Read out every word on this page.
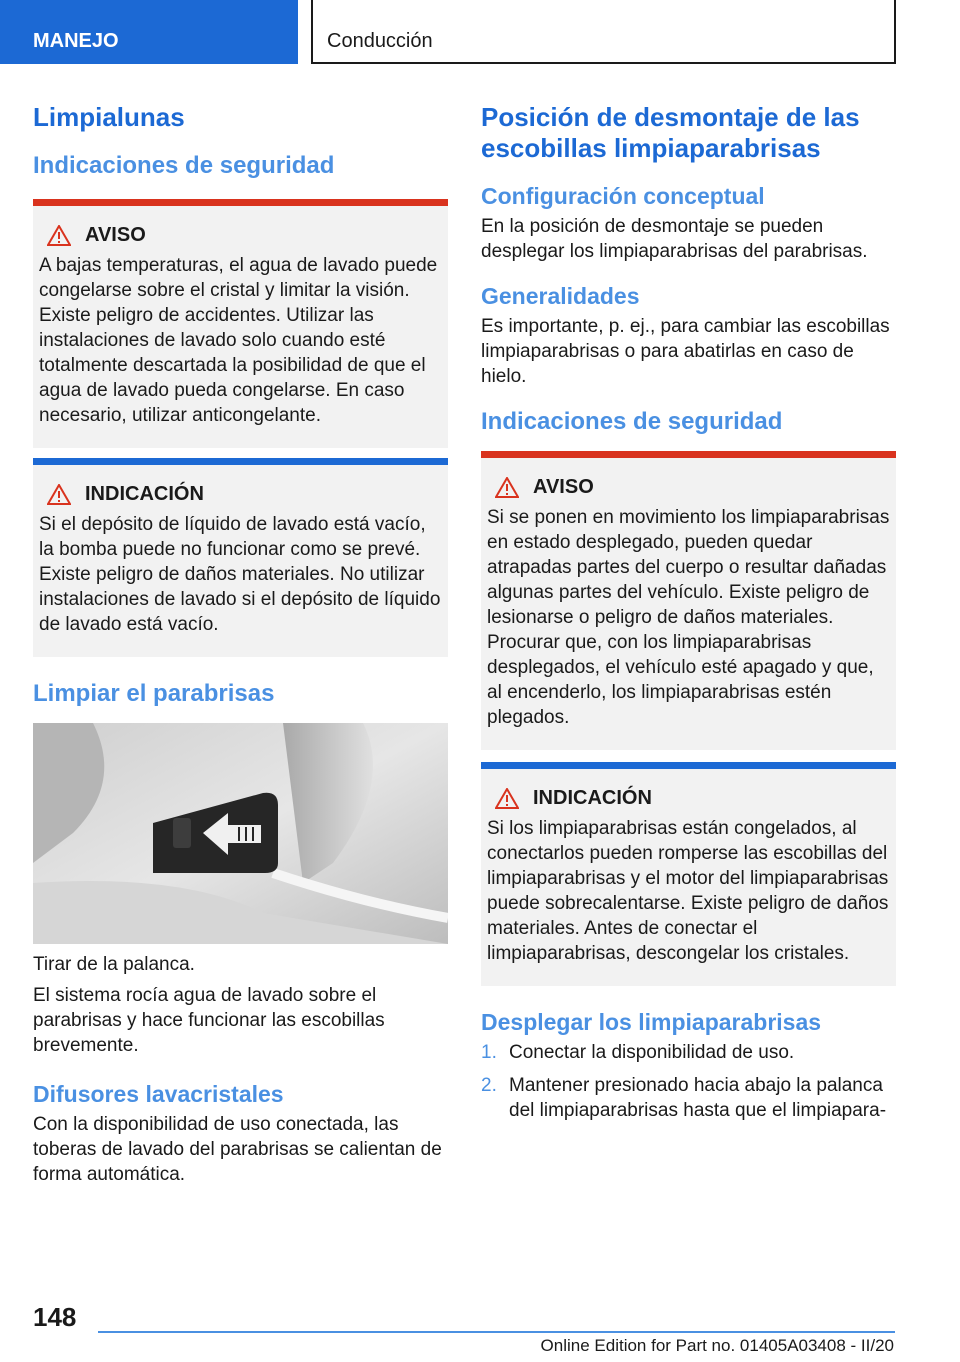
MANEJO	Conducción
Limpialunas
Indicaciones de seguridad
AVISO

A bajas temperaturas, el agua de lavado puede congelarse sobre el cristal y limitar la visión. Existe peligro de accidentes. Utilizar las instalaciones de lavado solo cuando esté totalmente descartada la posibilidad de que el agua de lavado pueda congelarse. En caso necesario, utilizar anticongelante.

INDICACIÓN

Si el depósito de líquido de lavado está vacío, la bomba puede no funcionar como se prevé. Existe peligro de daños materiales. No utilizar instalaciones de lavado si el depósito de líquido de lavado está vacío.

Limpiar el parabrisas

Tirar de la palanca.

El sistema rocía agua de lavado sobre el parabrisas y hace funcionar las escobillas brevemente.

Difusores lavacristales

Con la disponibilidad de uso conectada, las toberas de lavado del parabrisas se calientan de forma automática.

Posición de desmontaje de las escobillas limpiaparabrisas
Configuración conceptual

En la posición de desmontaje se pueden desplegar los limpiaparabrisas del parabrisas.

Generalidades

Es importante, p. ej., para cambiar las escobillas limpiaparabrisas o para abatirlas en caso de hielo.

Indicaciones de seguridad
AVISO

Si se ponen en movimiento los limpiaparabrisas en estado desplegado, pueden quedar atrapadas partes del cuerpo o resultar dañadas algunas partes del vehículo. Existe peligro de lesionarse o peligro de daños materiales. Procurar que, con los limpiaparabrisas desplegados, el vehículo esté apagado y que, al encenderlo, los limpiaparabrisas estén plegados.

INDICACIÓN

Si los limpiaparabrisas están congelados, al conectarlos pueden romperse las escobillas del limpiaparabrisas y el motor del limpiaparabrisas puede sobrecalentarse. Existe peligro de daños materiales. Antes de conectar el limpiaparabrisas, descongelar los cristales.

Desplegar los limpiaparabrisas
1. Conectar la disponibilidad de uso.
2. Mantener presionado hacia abajo la palanca del limpiaparabrisas hasta que el limpiapara-
148
Online Edition for Part no. 01405A03408 - II/20
